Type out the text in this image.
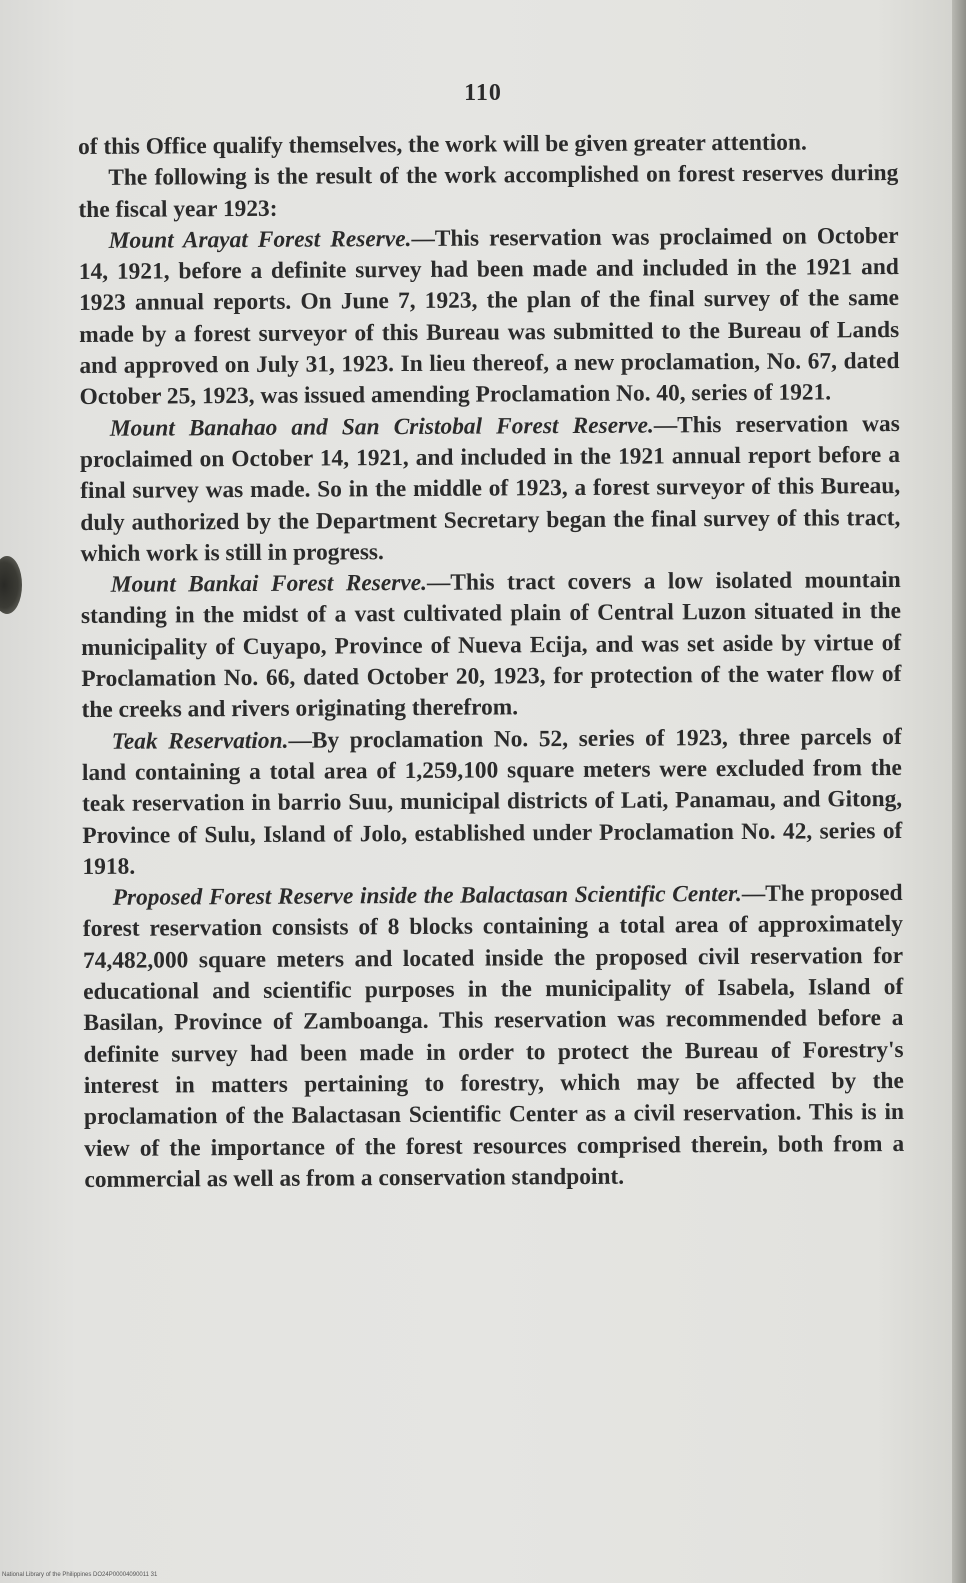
110

of this Office qualify themselves, the work will be given greater attention.

The following is the result of the work accomplished on forest reserves during the fiscal year 1923:

Mount Arayat Forest Reserve.—This reservation was proclaimed on October 14, 1921, before a definite survey had been made and included in the 1921 and 1923 annual reports. On June 7, 1923, the plan of the final survey of the same made by a forest surveyor of this Bureau was submitted to the Bureau of Lands and approved on July 31, 1923. In lieu thereof, a new proclamation, No. 67, dated October 25, 1923, was issued amending Proclamation No. 40, series of 1921.

Mount Banahao and San Cristobal Forest Reserve.—This reservation was proclaimed on October 14, 1921, and included in the 1921 annual report before a final survey was made. So in the middle of 1923, a forest surveyor of this Bureau, duly authorized by the Department Secretary began the final survey of this tract, which work is still in progress.

Mount Bankai Forest Reserve.—This tract covers a low isolated mountain standing in the midst of a vast cultivated plain of Central Luzon situated in the municipality of Cuyapo, Province of Nueva Ecija, and was set aside by virtue of Proclamation No. 66, dated October 20, 1923, for protection of the water flow of the creeks and rivers originating therefrom.

Teak Reservation.—By proclamation No. 52, series of 1923, three parcels of land containing a total area of 1,259,100 square meters were excluded from the teak reservation in barrio Suu, municipal districts of Lati, Panamau, and Gitong, Province of Sulu, Island of Jolo, established under Proclamation No. 42, series of 1918.

Proposed Forest Reserve inside the Balactasan Scientific Center.—The proposed forest reservation consists of 8 blocks containing a total area of approximately 74,482,000 square meters and located inside the proposed civil reservation for educational and scientific purposes in the municipality of Isabela, Island of Basilan, Province of Zamboanga. This reservation was recommended before a definite survey had been made in order to protect the Bureau of Forestry's interest in matters pertaining to forestry, which may be affected by the proclamation of the Balactasan Scientific Center as a civil reservation. This is in view of the importance of the forest resources comprised therein, both from a commercial as well as from a conservation standpoint.

National Library of the Philippines DO24P00004090011 31
